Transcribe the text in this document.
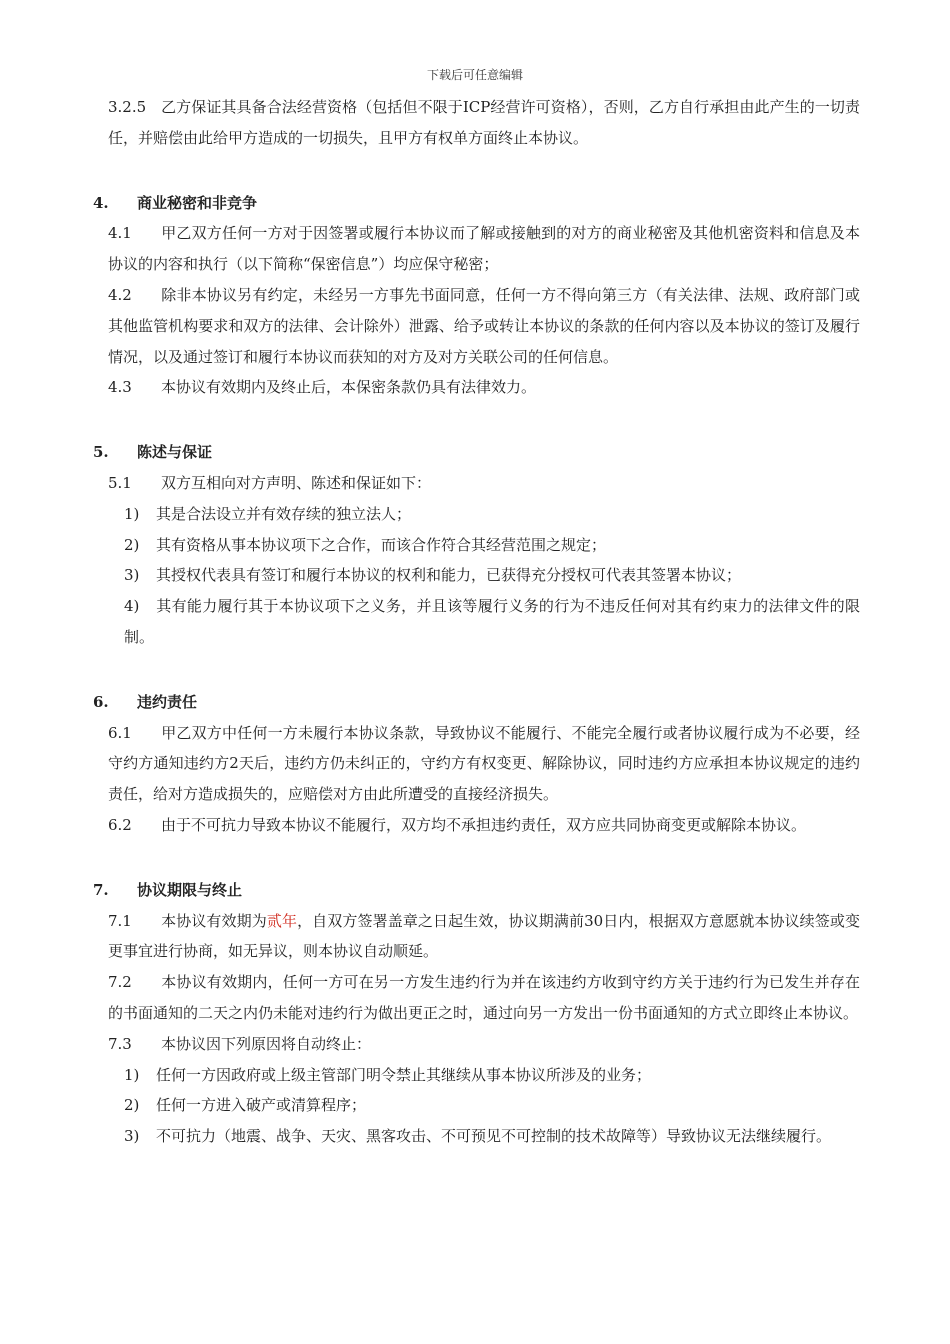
下载后可任意编辑

3.2.5 乙方保证其具备合法经营资格（包括但不限于ICP经营许可资格），否则，乙方自行承担由此产生的一切责任，并赔偿由此给甲方造成的一切损失，且甲方有权单方面终止本协议。

4. 商业秘密和非竞争

4.1 甲乙双方任何一方对于因签署或履行本协议而了解或接触到的对方的商业秘密及其他机密资料和信息及本协议的内容和执行（以下简称“保密信息”）均应保守秘密；

4.2 除非本协议另有约定，未经另一方事先书面同意，任何一方不得向第三方（有关法律、法规、政府部门或其他监管机构要求和双方的法律、会计除外）泄露、给予或转让本协议的条款的任何内容以及本协议的签订及履行情况，以及通过签订和履行本协议而获知的对方及对方关联公司的任何信息。

4.3 本协议有效期内及终止后，本保密条款仍具有法律效力。

5. 陈述与保证

5.1 双方互相向对方声明、陈述和保证如下：

1) 其是合法设立并有效存续的独立法人；

2) 其有资格从事本协议项下之合作，而该合作符合其经营范围之规定；

3) 其授权代表具有签订和履行本协议的权利和能力，已获得充分授权可代表其签署本协议；

4) 其有能力履行其于本协议项下之义务，并且该等履行义务的行为不违反任何对其有约束力的法律文件的限制。

6. 违约责任

6.1 甲乙双方中任何一方未履行本协议条款，导致协议不能履行、不能完全履行或者协议履行成为不必要，经守约方通知违约方2天后，违约方仍未纠正的，守约方有权变更、解除协议，同时违约方应承担本协议规定的违约责任，给对方造成损失的，应赔偿对方由此所遭受的直接经济损失。

6.2 由于不可抗力导致本协议不能履行，双方均不承担违约责任，双方应共同协商变更或解除本协议。

7. 协议期限与终止

7.1 本协议有效期为贰年，自双方签署盖章之日起生效，协议期满前30日内，根据双方意愿就本协议续签或变更事宜进行协商，如无异议，则本协议自动顺延。

7.2 本协议有效期内，任何一方可在另一方发生违约行为并在该违约方收到守约方关于违约行为已发生并存在的书面通知的二天之内仍未能对违约行为做出更正之时，通过向另一方发出一份书面通知的方式立即终止本协议。

7.3 本协议因下列原因将自动终止：

1) 任何一方因政府或上级主管部门明令禁止其继续从事本协议所涉及的业务；

2) 任何一方进入破产或清算程序；

3) 不可抗力（地震、战争、天灾、黑客攻击、不可预见不可控制的技术故障等）导致协议无法继续履行。
